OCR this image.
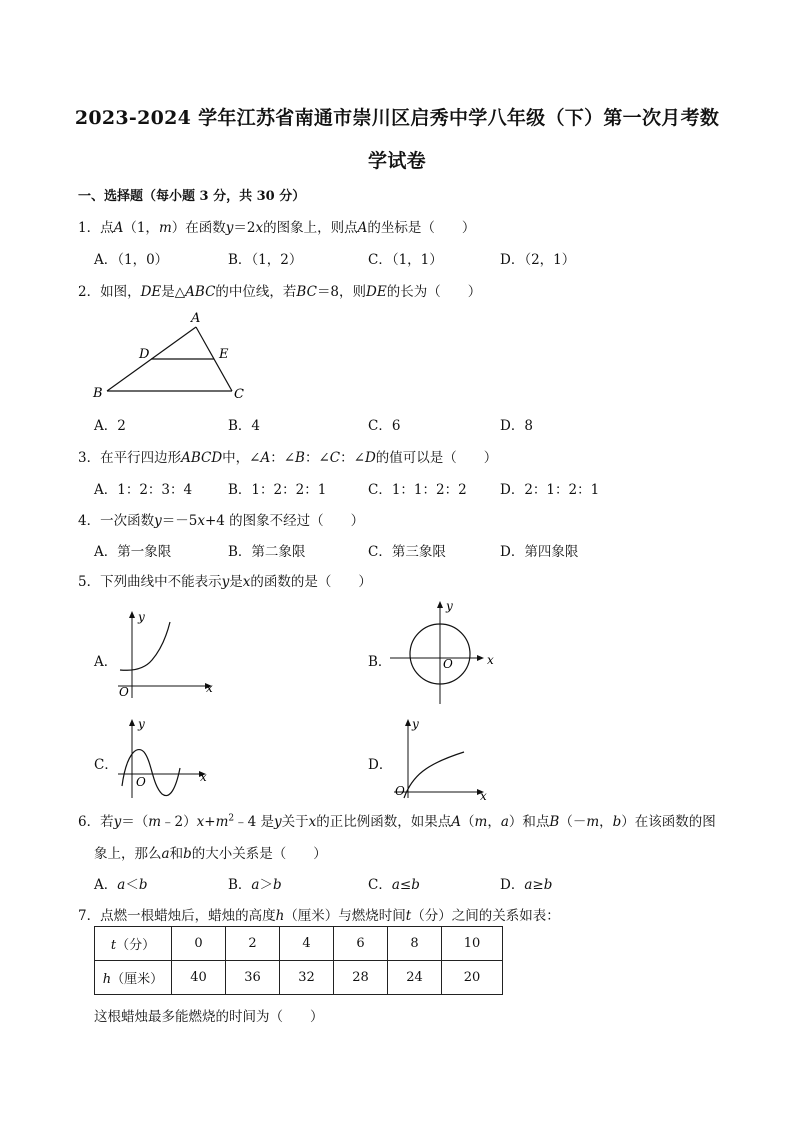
2023-2024 学年江苏省南通市崇川区启秀中学八年级（下）第一次月考数
学试卷
一、选择题（每小题 3 分，共 30 分）
1．点A（1，m）在函数y＝2x的图象上，则点A的坐标是（　　）
A．（1，0）	B．（1，2）	C．（1，1）	D．（2，1）
2．如图，DE是△ABC的中位线，若BC＝8，则DE的长为（　　）
A
D	E
B	C
A．2	B．4	C．6	D．8
3．在平行四边形ABCD中，∠A：∠B：∠C：∠D的值可以是（　　）
A．1：2：3：4	B．1：2：2：1	C．1：1：2：2 D．2：1：2：1
4．一次函数y＝－5x+4 的图象不经过（　　）
A．第一象限	B．第二象限	C．第三象限	D．第四象限
5．下列曲线中不能表示y是x的函数的是（　　）
A．
y
x
O
B．
y
x
O
C．
y
x
O
D．
y
x
O
6．若$y=(m﹣2)x+m^2﹣4$ 是y关于x的正比例函数，如果点A（m，a）和点B（－m，b）在该函数的图
象上，那么a和b的大小关系是（　　）
A．a＜b	B．a＞b	C．a≤b	D．a≥b
7．点燃一根蜡烛后，蜡烛的高度h（厘米）与燃烧时间t（分）之间的关系如表：
t（分）	0	2	4	6	8	10
h（厘米）	40	36	32	28	24	20
这根蜡烛最多能燃烧的时间为（　　）
